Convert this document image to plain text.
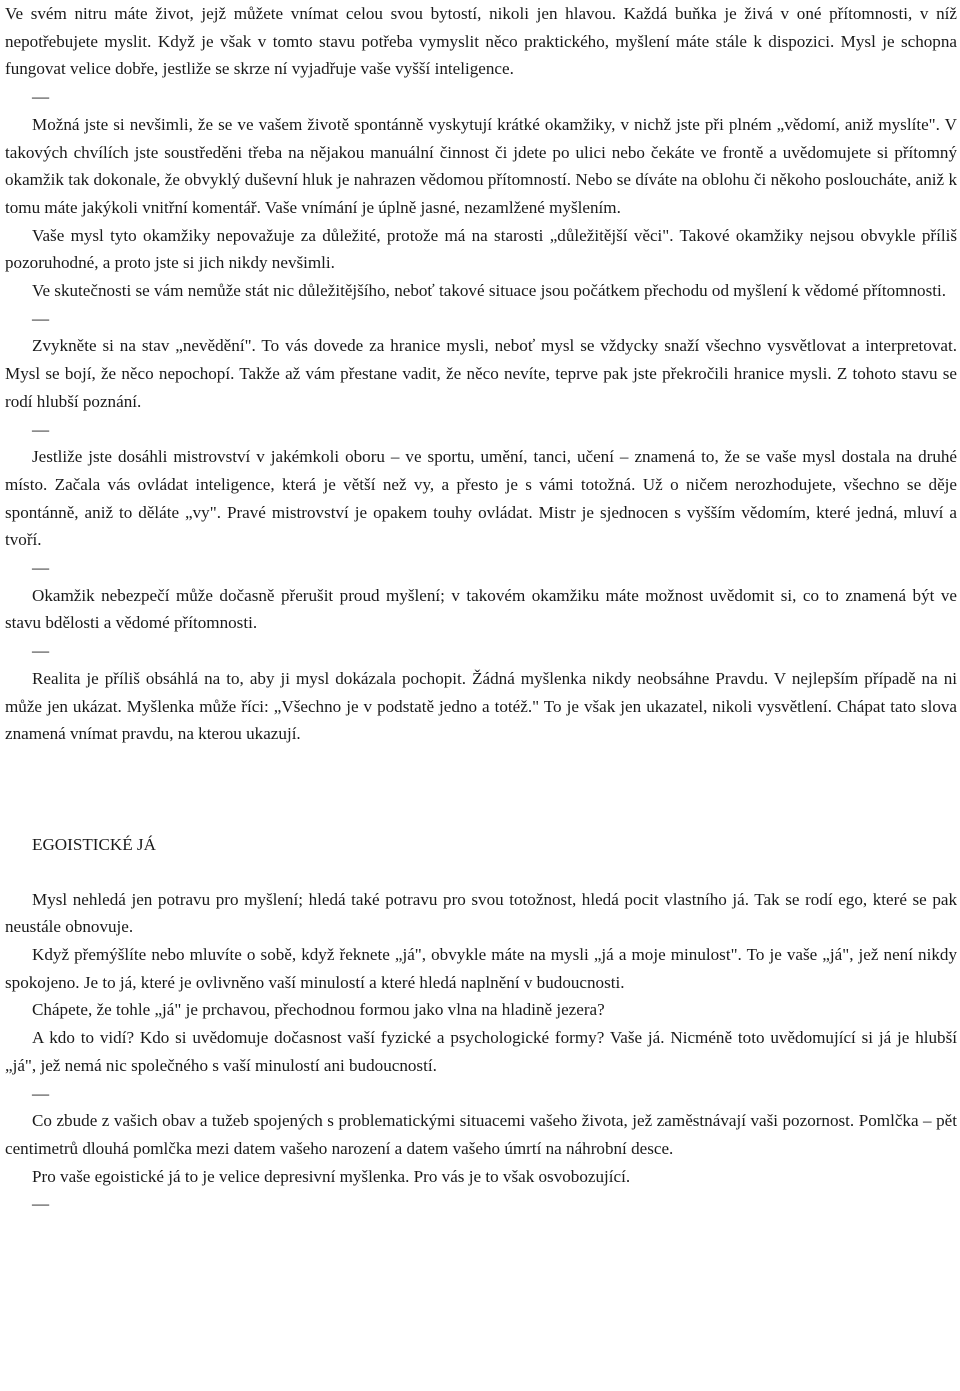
Ve svém nitru máte život, jejž můžete vnímat celou svou bytostí, nikoli jen hlavou. Každá buňka je živá v oné přítomnosti, v níž nepotřebujete myslit. Když je však v tomto stavu potřeba vymyslit něco praktického, myšlení máte stále k dispozici. Mysl je schopna fungovat velice dobře, jestliže se skrze ní vyjadřuje vaše vyšší inteligence.

—

Možná jste si nevšimli, že se ve vašem životě spontánně vyskytují krátké okamžiky, v nichž jste při plném „vědomí, aniž myslíte". V takových chvílích jste soustředěni třeba na nějakou manuální činnost či jdete po ulici nebo čekáte ve frontě a uvědomujete si přítomný okamžik tak dokonale, že obvyklý duševní hluk je nahrazen vědomou přítomností. Nebo se díváte na oblohu či někoho posloucháte, aniž k tomu máte jakýkoli vnitřní komentář. Vaše vnímání je úplně jasné, nezamlžené myšlením.

Vaše mysl tyto okamžiky nepovažuje za důležité, protože má na starosti „důležitější věci". Takové okamžiky nejsou obvykle příliš pozoruhodné, a proto jste si jich nikdy nevšimli.

Ve skutečnosti se vám nemůže stát nic důležitějšího, neboť takové situace jsou počátkem přechodu od myšlení k vědomé přítomnosti.

—

Zvykněte si na stav „nevědění". To vás dovede za hranice mysli, neboť mysl se vždycky snaží všechno vysvětlovat a interpretovat. Mysl se bojí, že něco nepochopí. Takže až vám přestane vadit, že něco nevíte, teprve pak jste překročili hranice mysli. Z tohoto stavu se rodí hlubší poznání.

—

Jestliže jste dosáhli mistrovství v jakémkoli oboru – ve sportu, umění, tanci, učení – znamená to, že se vaše mysl dostala na druhé místo. Začala vás ovládat inteligence, která je větší než vy, a přesto je s vámi totožná. Už o ničem nerozhodujete, všechno se děje spontánně, aniž to děláte „vy". Pravé mistrovství je opakem touhy ovládat. Mistr je sjednocen s vyšším vědomím, které jedná, mluví a tvoří.

—

Okamžik nebezpečí může dočasně přerušit proud myšlení; v takovém okamžiku máte možnost uvědomit si, co to znamená být ve stavu bdělosti a vědomé přítomnosti.

—

Realita je příliš obsáhlá na to, aby ji mysl dokázala pochopit. Žádná myšlenka nikdy neobsáhne Pravdu. V nejlepším případě na ni může jen ukázat. Myšlenka může říci: „Všechno je v podstatě jedno a totéž." To je však jen ukazatel, nikoli vysvětlení. Chápat tato slova znamená vnímat pravdu, na kterou ukazují.

EGOISTICKÉ JÁ

Mysl nehledá jen potravu pro myšlení; hledá také potravu pro svou totožnost, hledá pocit vlastního já. Tak se rodí ego, které se pak neustále obnovuje.

Když přemýšlíte nebo mluvíte o sobě, když řeknete „já", obvykle máte na mysli „já a moje minulost". To je vaše „já", jež není nikdy spokojeno. Je to já, které je ovlivněno vaší minulostí a které hledá naplnění v budoucnosti.

Chápete, že tohle „já" je prchavou, přechodnou formou jako vlna na hladině jezera?

A kdo to vidí? Kdo si uvědomuje dočasnost vaší fyzické a psychologické formy? Vaše já. Nicméně toto uvědomující si já je hlubší „já", jež nemá nic společného s vaší minulostí ani budoucností.

—

Co zbude z vašich obav a tužeb spojených s problematickými situacemi vašeho života, jež zaměstnávají vaši pozornost. Pomlčka – pět centimetrů dlouhá pomlčka mezi datem vašeho narození a datem vašeho úmrtí na náhrobní desce.

Pro vaše egoistické já to je velice depresivní myšlenka. Pro vás je to však osvobozující.

—
